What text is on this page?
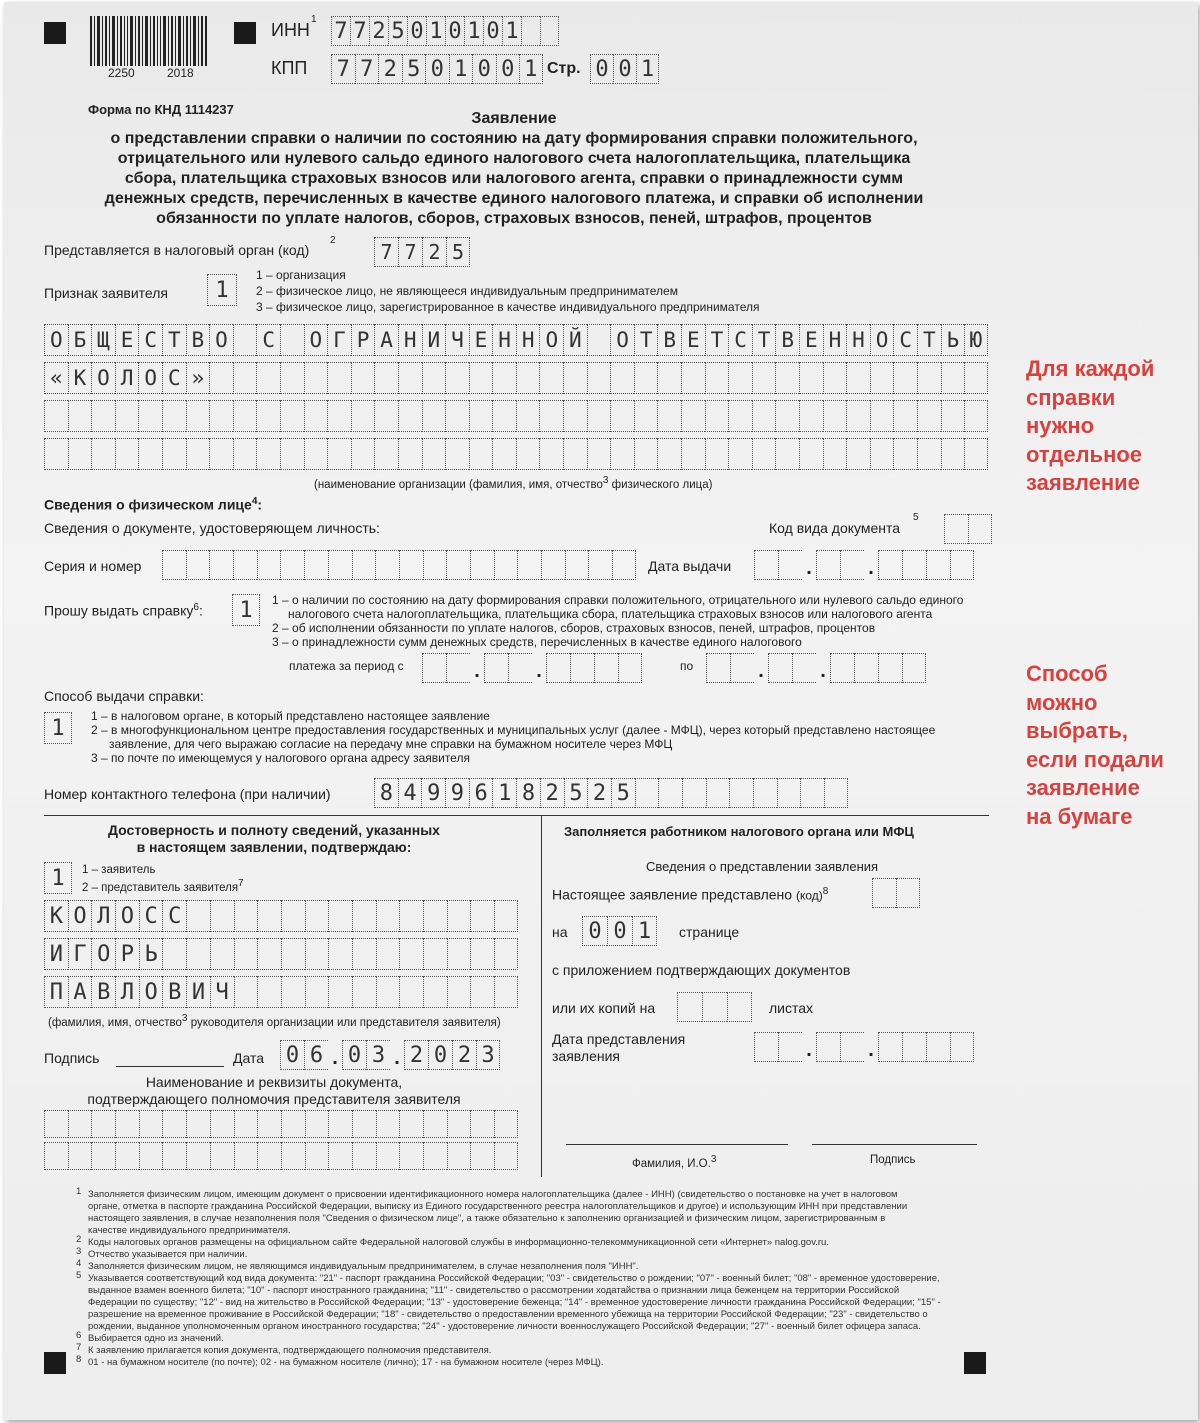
2250	2018
ИНН
1 7 7 2 5 0 1 0 1 0 1
КПП 7 7 2 5 0 1 0 0 1 Стр. 0 0 1
Форма по КНД 1114237
Заявление
о представлении справки о наличии по состоянию на дату формирования справки положительного,
отрицательного или нулевого сальдо единого налогового счета налогоплательщика, плательщика
сбора, плательщика страховых взносов или налогового агента, справки о принадлежности сумм
денежных средств, перечисленных в качестве единого налогового платежа, и справки об исполнении
обязанности по уплате налогов, сборов, страховых взносов, пеней, штрафов, процентов
Представляется в налоговый орган (код)
2	7 7 2 5
Признак заявителя	1
1 – организация
2 – физическое лицо, не являющееся индивидуальным предпринимателем
3 – физическое лицо, зарегистрированное в качестве индивидуального предпринимателя
О Б Щ Е С Т В О С О Г Р А Н И Ч Е Н Н О Й О Т В Е Т С Т В Е Н Н О С Т Ь Ю
« К О Л О С »
(наименование организации (фамилия, имя, отчество$^3$ физического лица)
Сведения о физическом лице$^4$:
Сведения о документе, удостоверяющем личность:	Код вида документа
5
Серия и номер	Дата выдачи	.	.
Прошу выдать справку$^6$:	1	1 – о наличии по состоянию на дату формирования справки положительного, отрицательного или нулевого сальдо единого
налогового счета налогоплательщика, плательщика сбора, плательщика страховых взносов или налогового агента
2 – об исполнении обязанности по уплате налогов, сборов, страховых взносов, пеней, штрафов, процентов
3 – о принадлежности сумм денежных средств, перечисленных в качестве единого налогового
платежа за период с	.	.	по	.	.
Способ выдачи справки:
1	1 – в налоговом органе, в который представлено настоящее заявление
2 – в многофункциональном центре предоставления государственных и муниципальных услуг (далее - МФЦ), через который представлено настоящее
заявление, для чего выражаю согласие на передачу мне справки на бумажном носителе через МФЦ
3 – по почте по имеющемуся у налогового органа адресу заявителя
Номер контактного телефона (при наличии) 8 4 9 9 6 1 8 2 5 2 5
Достоверность и полноту сведений, указанных
в настоящем заявлении, подтверждаю:
1	1 – заявитель
2 – представитель заявителя$^7$
К О Л О С С
И Г О Р Ь
П А В Л О В И Ч
(фамилия, имя, отчество$^3$ руководителя организации или представителя заявителя)
Подпись	Дата 0 6 . 0 3 . 2 0 2 3
Наименование и реквизиты документа,
подтверждающего полномочия представителя заявителя
Заполняется работником налогового органа или МФЦ
Сведения о представлении заявления
Настоящее заявление представлено (код)$^8$
на 0 0 1	странице
с приложением подтверждающих документов
или их копий на	листах
Дата представления
заявления	.	.
Фамилия, И.О.$^3$	Подпись
1 Заполняется физическим лицом, имеющим документ о присвоении идентификационного номера налогоплательщика (далее - ИНН) (свидетельство о постановке на учет в налоговом
органе, отметка в паспорте гражданина Российской Федерации, выписку из Единого государственного реестра налогоплательщиков и другое) и использующим ИНН при представлении
настоящего заявления, в случае незаполнения поля "Сведения о физическом лице", а также обязательно к заполнению организацией и физическим лицом, зарегистрированным в
качестве индивидуального предпринимателя.
2 Коды налоговых органов размещены на официальном сайте Федеральной налоговой службы в информационно-телекоммуникационной сети «Интернет» nalog.gov.ru.
3 Отчество указывается при наличии.
4 Заполняется физическим лицом, не являющимся индивидуальным предпринимателем, в случае незаполнения поля "ИНН".
5 Указывается соответствующий код вида документа: "21" - паспорт гражданина Российской Федерации; "03" - свидетельство о рождении; "07" - военный билет; "08" - временное удостоверение,
выданное взамен военного билета; "10" - паспорт иностранного гражданина; "11" - свидетельство о рассмотрении ходатайства о признании лица беженцем на территории Российской
Федерации по существу; "12" - вид на жительство в Российской Федерации; "13" - удостоверение беженца; "14" - временное удостоверение личности гражданина Российской Федерации; "15" -
разрешение на временное проживание в Российской Федерации; "18" - свидетельство о предоставлении временного убежища на территории Российской Федерации; "23" - свидетельство о
рождении, выданное уполномоченным органом иностранного государства; "24" - удостоверение личности военнослужащего Российской Федерации; "27" - военный билет офицера запаса.
6 Выбирается одно из значений.
7 К заявлению прилагается копия документа, подтверждающего полномочия представителя.
8 01 - на бумажном носителе (по почте); 02 - на бумажном носителе (лично); 17 - на бумажном носителе (через МФЦ).
Для каждой
справки
нужно
отдельное
заявление
Способ
можно
выбрать,
если подали
заявление
на бумаге
